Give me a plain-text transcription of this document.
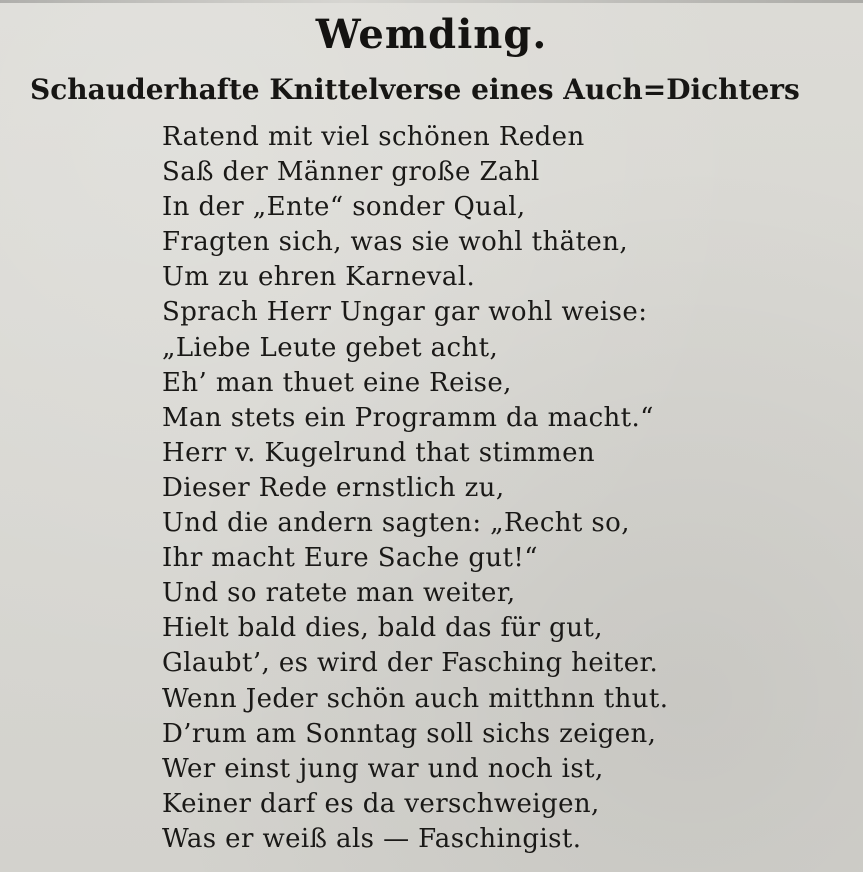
Wemding.
Schauderhafte Knittelverse eines Auch=Dichters
Ratend mit viel schönen Reden
Saß der Männer große Zahl
In der „Ente“ sonder Qual,
Fragten sich, was sie wohl thäten,
Um zu ehren Karneval.
Sprach Herr Ungar gar wohl weise:
„Liebe Leute gebet acht,
Eh’ man thuet eine Reise,
Man stets ein Programm da macht.“
Herr v. Kugelrund that stimmen
Dieser Rede ernstlich zu,
Und die andern sagten: „Recht so,
Ihr macht Eure Sache gut!“
Und so ratete man weiter,
Hielt bald dies, bald das für gut,
Glaubt’, es wird der Fasching heiter.
Wenn Jeder schön auch mitthnn thut.
D’rum am Sonntag soll sichs zeigen,
Wer einst jung war und noch ist,
Keiner darf es da verschweigen,
Was er weiß als — Faschingist.
